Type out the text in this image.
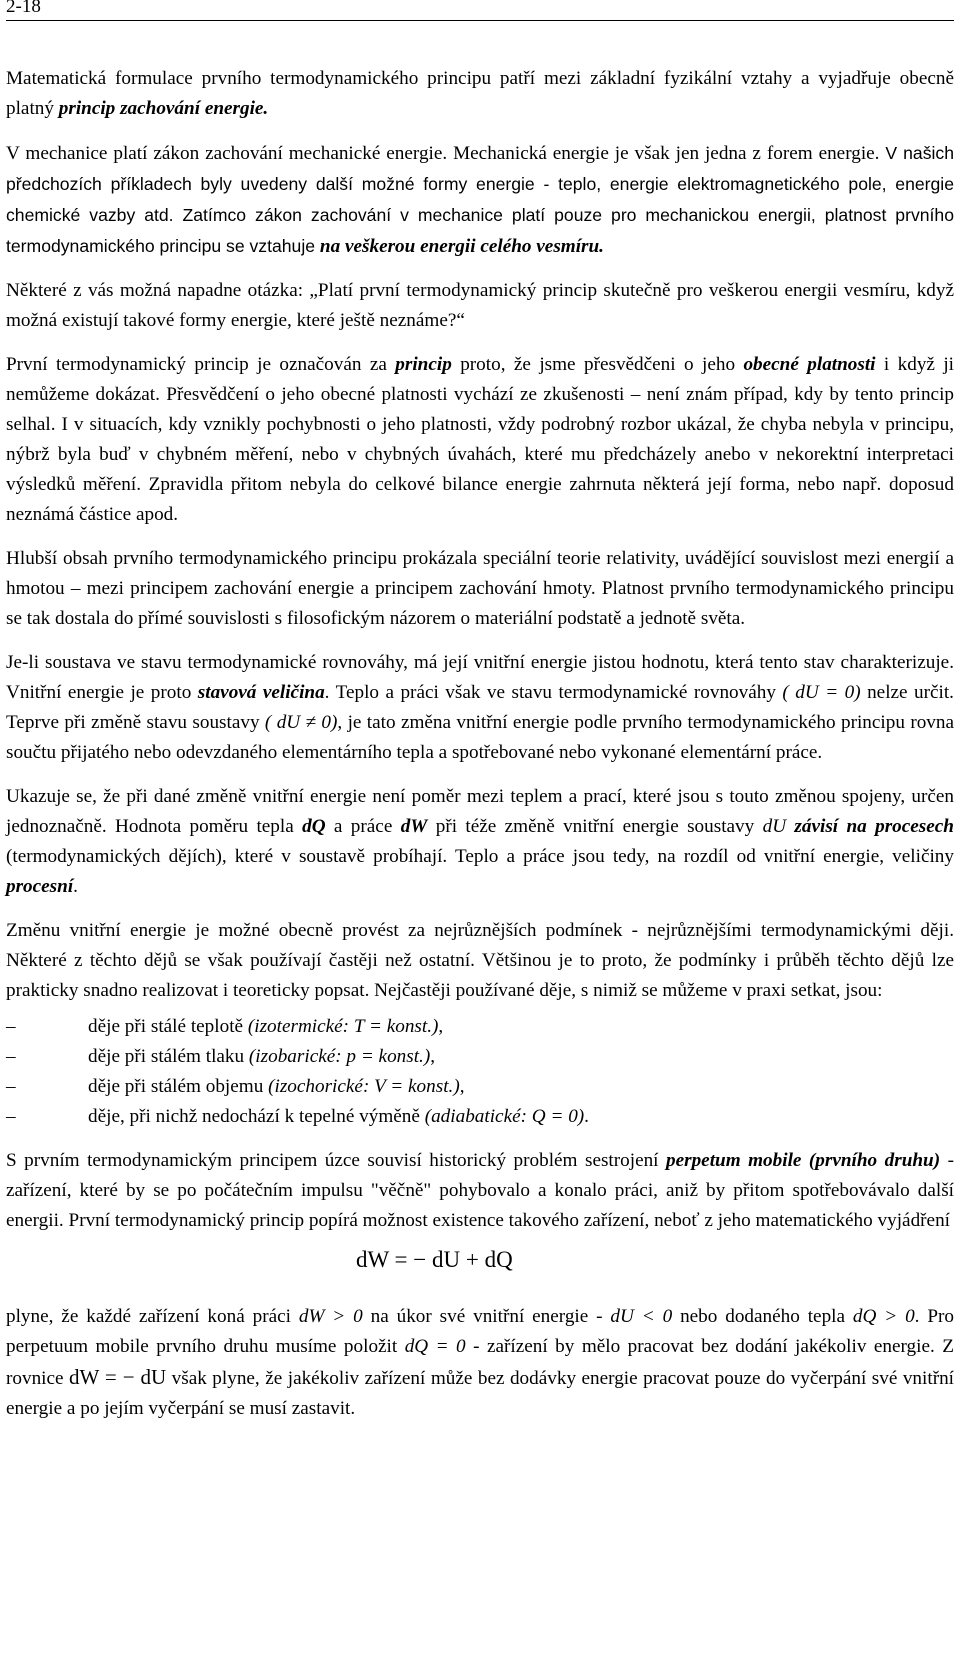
2-18

Matematická formulace prvního termodynamického principu patří mezi základní fyzikální vztahy a vyjadřuje obecně platný princip zachování energie.

V mechanice platí zákon zachování mechanické energie. Mechanická energie je však jen jedna z forem energie. V našich předchozích příkladech byly uvedeny další možné formy energie - teplo, energie elektromagnetického pole, energie chemické vazby atd. Zatímco zákon zachování v mechanice platí pouze pro mechanickou energii, platnost prvního termodynamického principu se vztahuje na veškerou energii celého vesmíru.

Některé z vás možná napadne otázka: „Platí první termodynamický princip skutečně pro veškerou energii vesmíru, když možná existují takové formy energie, které ještě neznáme?“

První termodynamický princip je označován za princip proto, že jsme přesvědčeni o jeho obecné platnosti i když ji nemůžeme dokázat. Přesvědčení o jeho obecné platnosti vychází ze zkušenosti – není znám případ, kdy by tento princip selhal. I v situacích, kdy vznikly pochybnosti o jeho platnosti, vždy podrobný rozbor ukázal, že chyba nebyla v principu, nýbrž byla buď v chybném měření, nebo v chybných úvahách, které mu předcházely anebo v nekorektní interpretaci výsledků měření. Zpravidla přitom nebyla do celkové bilance energie zahrnuta některá její forma, nebo např. doposud neznámá částice apod.

Hlubší obsah prvního termodynamického principu prokázala speciální teorie relativity, uvádějící souvislost mezi energií a hmotou – mezi principem zachování energie a principem zachování hmoty. Platnost prvního termodynamického principu se tak dostala do přímé souvislosti s filosofickým názorem o materiální podstatě a jednotě světa.

Je-li soustava ve stavu termodynamické rovnováhy, má její vnitřní energie jistou hodnotu, která tento stav charakterizuje. Vnitřní energie je proto stavová veličina. Teplo a práci však ve stavu termodynamické rovnováhy ( dU = 0) nelze určit. Teprve při změně stavu soustavy ( dU ≠ 0), je tato změna vnitřní energie podle prvního termodynamického principu rovna součtu přijatého nebo odevzdaného elementárního tepla a spotřebované nebo vykonané elementární práce.

Ukazuje se, že při dané změně vnitřní energie není poměr mezi teplem a prací, které jsou s touto změnou spojeny, určen jednoznačně. Hodnota poměru tepla dQ a práce dW při téže změně vnitřní energie soustavy dU závisí na procesech (termodynamických dějích), které v soustavě probíhají. Teplo a práce jsou tedy, na rozdíl od vnitřní energie, veličiny procesní.

Změnu vnitřní energie je možné obecně provést za nejrůznějších podmínek - nejrůznějšími termodynamickými ději. Některé z těchto dějů se však používají častěji než ostatní. Většinou je to proto, že podmínky i průběh těchto dějů lze prakticky snadno realizovat i teoreticky popsat. Nejčastěji používané děje, s nimiž se můžeme v praxi setkat, jsou:

–	děje při stálé teplotě (izotermické: T = konst.),
–	děje při stálém tlaku (izobarické: p = konst.),
–	děje při stálém objemu (izochorické: V = konst.),
–	děje, při nichž nedochází k tepelné výměně (adiabatické: Q = 0).

S prvním termodynamickým principem úzce souvisí historický problém sestrojení perpetum mobile (prvního druhu) - zařízení, které by se po počátečním impulsu "věčně" pohybovalo a konalo práci, aniž by přitom spotřebovávalo další energii. První termodynamický princip popírá možnost existence takového zařízení, neboť z jeho matematického vyjádření

dW = − dU + dQ

plyne, že každé zařízení koná práci dW > 0 na úkor své vnitřní energie - dU < 0 nebo dodaného tepla dQ > 0. Pro perpetuum mobile prvního druhu musíme položit dQ = 0 - zařízení by mělo pracovat bez dodání jakékoliv energie. Z rovnice dW = − dU však plyne, že jakékoliv zařízení může bez dodávky energie pracovat pouze do vyčerpání své vnitřní energie a po jejím vyčerpání se musí zastavit.
